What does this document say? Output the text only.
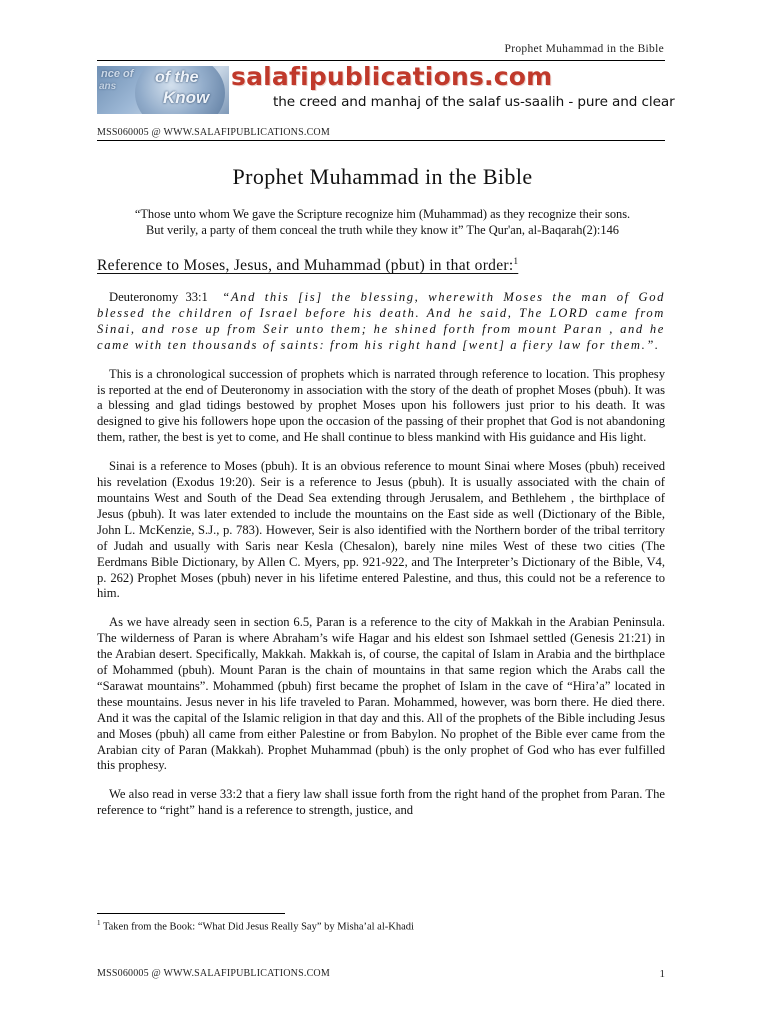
Prophet Muhammad in the Bible
nce of
ans
of the
Know
salafipublications.com
the creed and manhaj of the salaf us-saalih - pure and clear
MSS060005 @ WWW.SALAFIPUBLICATIONS.COM
Prophet Muhammad in the Bible
“Those unto whom We gave the Scripture recognize him (Muhammad) as they recognize their sons.
But verily, a party of them conceal the truth while they know it” The Qur'an, al-Baqarah(2):146
Reference to Moses, Jesus, and Muhammad (pbut) in that order:$^1$

Deuteronomy 33:1 “And this [is] the blessing, wherewith Moses the man of God blessed the children of Israel before his death. And he said, The LORD came from Sinai, and rose up from Seir unto them; he shined forth from mount Paran , and he came with ten thousands of saints: from his right hand [went] a fiery law for them.”.

This is a chronological succession of prophets which is narrated through reference to location. This prophesy is reported at the end of Deuteronomy in association with the story of the death of prophet Moses (pbuh). It was a blessing and glad tidings bestowed by prophet Moses upon his followers just prior to his death. It was designed to give his followers hope upon the occasion of the passing of their prophet that God is not abandoning them, rather, the best is yet to come, and He shall continue to bless mankind with His guidance and His light.

Sinai is a reference to Moses (pbuh). It is an obvious reference to mount Sinai where Moses (pbuh) received his revelation (Exodus 19:20). Seir is a reference to Jesus (pbuh). It is usually associated with the chain of mountains West and South of the Dead Sea extending through Jerusalem, and Bethlehem , the birthplace of Jesus (pbuh). It was later extended to include the mountains on the East side as well (Dictionary of the Bible, John L. McKenzie, S.J., p. 783). However, Seir is also identified with the Northern border of the tribal territory of Judah and usually with Saris near Kesla (Chesalon), barely nine miles West of these two cities (The Eerdmans Bible Dictionary, by Allen C. Myers, pp. 921-922, and The Interpreter’s Dictionary of the Bible, V4, p. 262) Prophet Moses (pbuh) never in his lifetime entered Palestine, and thus, this could not be a reference to him.

As we have already seen in section 6.5, Paran is a reference to the city of Makkah in the Arabian Peninsula. The wilderness of Paran is where Abraham’s wife Hagar and his eldest son Ishmael settled (Genesis 21:21) in the Arabian desert. Specifically, Makkah. Makkah is, of course, the capital of Islam in Arabia and the birthplace of Mohammed (pbuh). Mount Paran is the chain of mountains in that same region which the Arabs call the “Sarawat mountains”. Mohammed (pbuh) first became the prophet of Islam in the cave of “Hira’a” located in these mountains. Jesus never in his life traveled to Paran. Mohammed, however, was born there. He died there. And it was the capital of the Islamic religion in that day and this. All of the prophets of the Bible including Jesus and Moses (pbuh) all came from either Palestine or from Babylon. No prophet of the Bible ever came from the Arabian city of Paran (Makkah). Prophet Muhammad (pbuh) is the only prophet of God who has ever fulfilled this prophesy.

We also read in verse 33:2 that a fiery law shall issue forth from the right hand of the prophet from Paran. The reference to “right” hand is a reference to strength, justice, and

$^1$ Taken from the Book: “What Did Jesus Really Say” by Misha’al al-Khadi
MSS060005 @ WWW.SALAFIPUBLICATIONS.COM	1
